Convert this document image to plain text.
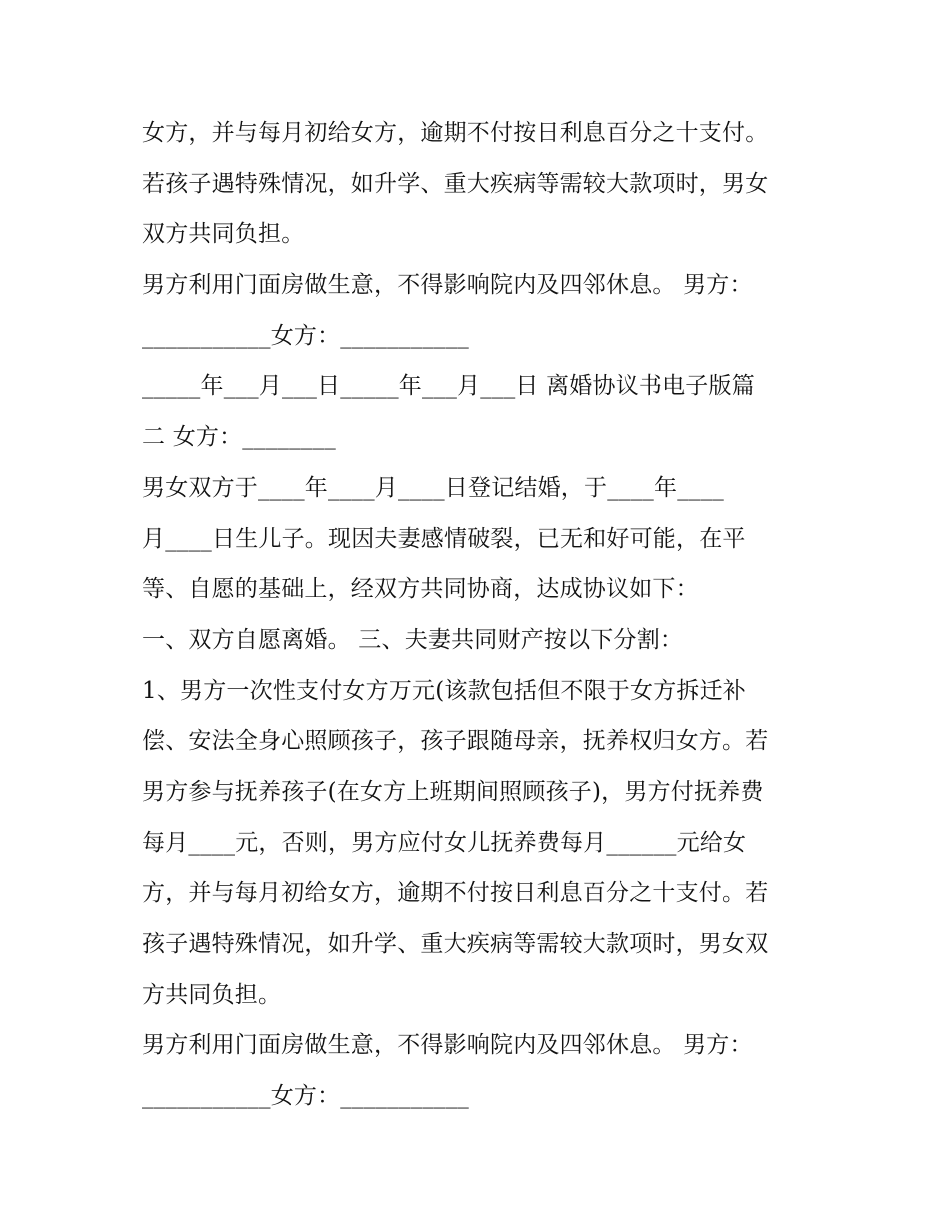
女方，并与每月初给女方，逾期不付按日利息百分之十支付。
若孩子遇特殊情况，如升学、重大疾病等需较大款项时，男女
双方共同负担。
男方利用门面房做生意，不得影响院内及四邻休息。 男方：
___________女方：___________
_____年___月___日_____年___月___日 离婚协议书电子版篇
二 女方：________
男女双方于____年____月____日登记结婚，于____年____
月____日生儿子。现因夫妻感情破裂，已无和好可能，在平
等、自愿的基础上，经双方共同协商，达成协议如下：
一、双方自愿离婚。 三、夫妻共同财产按以下分割：
1、男方一次性支付女方万元(该款包括但不限于女方拆迁补
偿、安法全身心照顾孩子，孩子跟随母亲，抚养权归女方。若
男方参与抚养孩子(在女方上班期间照顾孩子)，男方付抚养费
每月____元，否则，男方应付女儿抚养费每月______元给女
方，并与每月初给女方，逾期不付按日利息百分之十支付。若
孩子遇特殊情况，如升学、重大疾病等需较大款项时，男女双
方共同负担。
男方利用门面房做生意，不得影响院内及四邻休息。 男方：
___________女方：___________
